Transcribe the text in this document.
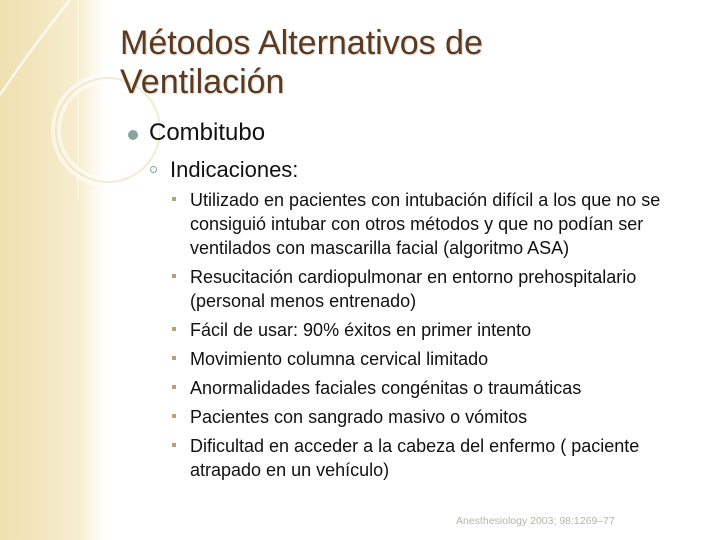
Métodos Alternativos de
Ventilación
Combitubo
Indicaciones:
Utilizado en pacientes con intubación difícil a los que no se consiguió intubar con otros métodos y que no podían ser ventilados con mascarilla facial (algoritmo ASA)
Resucitación cardiopulmonar en entorno prehospitalario (personal menos entrenado)
Fácil de usar: 90% éxitos en primer intento
Movimiento columna cervical limitado
Anormalidades faciales congénitas o traumáticas
Pacientes con sangrado masivo o vómitos
Dificultad en acceder a la cabeza del enfermo ( paciente atrapado en un vehículo)
Anesthesiology 2003; 98:1269–77
